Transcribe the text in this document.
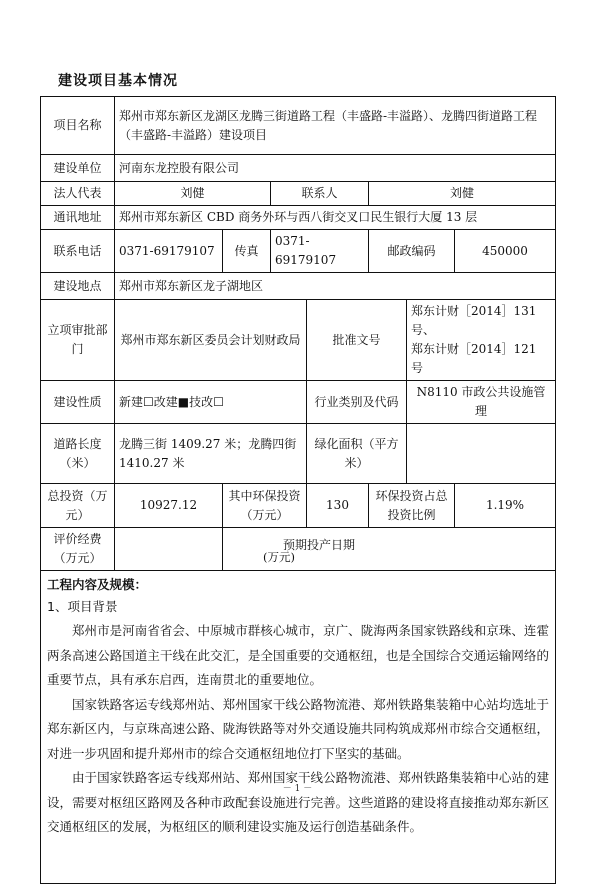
建设项目基本情况
项目名称	郑州市郑东新区龙湖区龙腾三街道路工程（丰盛路-丰溢路）、龙腾四街道路工程（丰盛路-丰溢路）建设项目						
建设单位	河南东龙控股有限公司						
法人代表	刘健		联系人		刘健		
通讯地址	郑州市郑东新区 CBD 商务外环与西八街交叉口民生银行大厦 13 层						
联系电话	0371-69179107	传真	0371-69179107		邮政编码		450000
建设地点	郑州市郑东新区龙子湖地区						
立项审批部门	郑州市郑东新区委员会计划财政局			批准文号		郑东计财［2014］131 号、
郑东计财［2014］121 号	

建设性质	新建☐改建■技改☐			行业类别及代码		N8110 市政公共设施管理	
道路长度（米）	龙腾三街 1409.27 米；龙腾四街 1410.27 米			绿化面积（平方米）			
总投资（万元）	10927.12	其中环保投资（万元）		130	环保投资占总投资比例		1.19%
评价经费（万元）		预期投产日期
(万元)					

工程内容及规模：
1、项目背景

郑州市是河南省省会、中原城市群核心城市，京广、陇海两条国家铁路线和京珠、连霍两条高速公路国道主干线在此交汇，是全国重要的交通枢纽，也是全国综合交通运输网络的重要节点，具有承东启西，连南贯北的重要地位。

国家铁路客运专线郑州站、郑州国家干线公路物流港、郑州铁路集装箱中心站均选址于郑东新区内，与京珠高速公路、陇海铁路等对外交通设施共同构筑成郑州市综合交通枢纽，对进一步巩固和提升郑州市的综合交通枢纽地位打下坚实的基础。

由于国家铁路客运专线郑州站、郑州国家干线公路物流港、郑州铁路集装箱中心站的建设，需要对枢纽区路网及各种市政配套设施进行完善。这些道路的建设将直接推动郑东新区交通枢纽区的发展，为枢纽区的顺利建设实施及运行创造基础条件。							

－ 1 －
